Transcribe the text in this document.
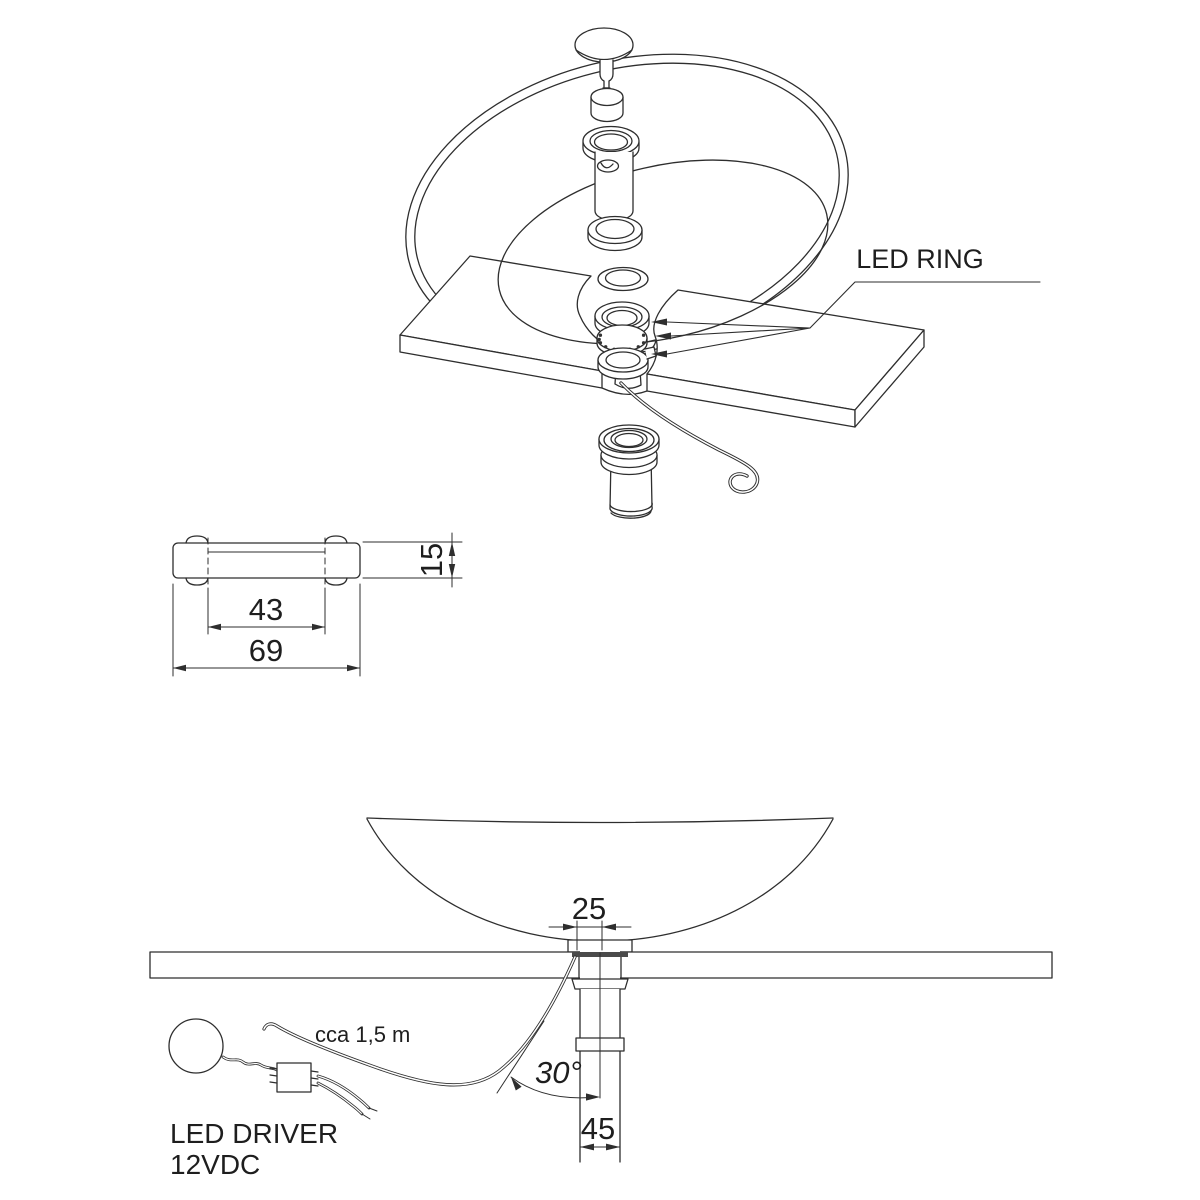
LED RING
15
43
69
25
45
30°
cca 1,5 m
LED DRIVER
12VDC
